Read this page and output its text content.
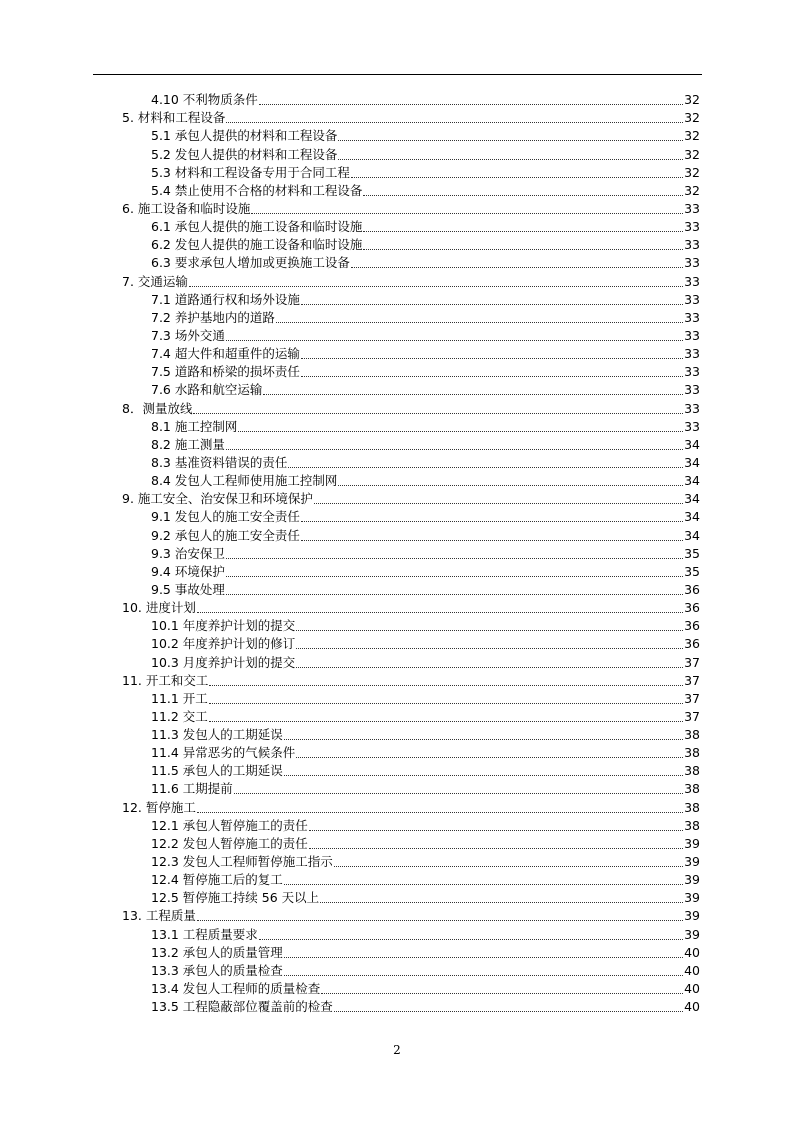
4.10 不利物质条件	32
5. 材料和工程设备	32
5.1 承包人提供的材料和工程设备	32
5.2 发包人提供的材料和工程设备	32
5.3 材料和工程设备专用于合同工程	32
5.4 禁止使用不合格的材料和工程设备	32
6. 施工设备和临时设施	33
6.1 承包人提供的施工设备和临时设施	33
6.2 发包人提供的施工设备和临时设施	33
6.3 要求承包人增加或更换施工设备	33
7. 交通运输	33
7.1 道路通行权和场外设施	33
7.2 养护基地内的道路	33
7.3 场外交通	33
7.4 超大件和超重件的运输	33
7.5 道路和桥梁的损坏责任	33
7.6 水路和航空运输	33
8．测量放线	33
8.1 施工控制网	33
8.2 施工测量	34
8.3 基准资料错误的责任	34
8.4 发包人工程师使用施工控制网	34
9. 施工安全、治安保卫和环境保护	34
9.1 发包人的施工安全责任	34
9.2 承包人的施工安全责任	34
9.3 治安保卫	35
9.4 环境保护	35
9.5 事故处理	36
10. 进度计划	36
10.1 年度养护计划的提交	36
10.2 年度养护计划的修订	36
10.3 月度养护计划的提交	37
11. 开工和交工	37
11.1 开工	37
11.2 交工	37
11.3 发包人的工期延误	38
11.4 异常恶劣的气候条件	38
11.5 承包人的工期延误	38
11.6 工期提前	38
12. 暂停施工	38
12.1 承包人暂停施工的责任	38
12.2 发包人暂停施工的责任	39
12.3 发包人工程师暂停施工指示	39
12.4 暂停施工后的复工	39
12.5 暂停施工持续 56 天以上	39
13. 工程质量	39
13.1 工程质量要求	39
13.2 承包人的质量管理	40
13.3 承包人的质量检查	40
13.4 发包人工程师的质量检查	40
13.5 工程隐蔽部位覆盖前的检查	40
2
